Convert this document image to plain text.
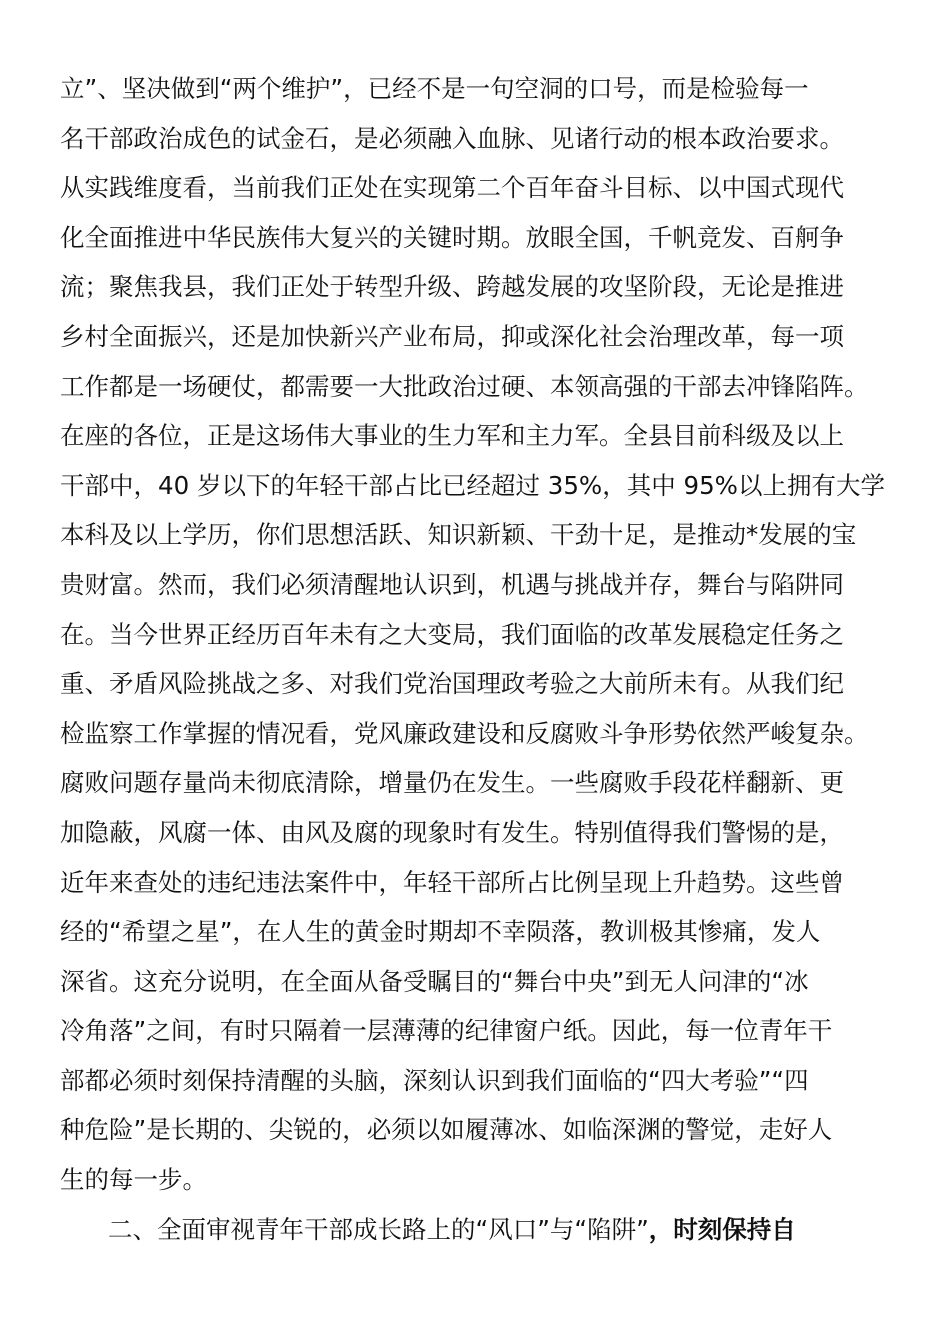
立”、坚决做到“两个维护”，已经不是一句空洞的口号，而是检验每一
名干部政治成色的试金石，是必须融入血脉、见诸行动的根本政治要求。
从实践维度看，当前我们正处在实现第二个百年奋斗目标、以中国式现代
化全面推进中华民族伟大复兴的关键时期。放眼全国，千帆竞发、百舸争
流；聚焦我县，我们正处于转型升级、跨越发展的攻坚阶段，无论是推进
乡村全面振兴，还是加快新兴产业布局，抑或深化社会治理改革，每一项
工作都是一场硬仗，都需要一大批政治过硬、本领高强的干部去冲锋陷阵。
在座的各位，正是这场伟大事业的生力军和主力军。全县目前科级及以上
干部中，40 岁以下的年轻干部占比已经超过 35%，其中 95%以上拥有大学
本科及以上学历，你们思想活跃、知识新颖、干劲十足，是推动*发展的宝
贵财富。然而，我们必须清醒地认识到，机遇与挑战并存，舞台与陷阱同
在。当今世界正经历百年未有之大变局，我们面临的改革发展稳定任务之
重、矛盾风险挑战之多、对我们党治国理政考验之大前所未有。从我们纪
检监察工作掌握的情况看，党风廉政建设和反腐败斗争形势依然严峻复杂。
腐败问题存量尚未彻底清除，增量仍在发生。一些腐败手段花样翻新、更
加隐蔽，风腐一体、由风及腐的现象时有发生。特别值得我们警惕的是，
近年来查处的违纪违法案件中，年轻干部所占比例呈现上升趋势。这些曾
经的“希望之星”，在人生的黄金时期却不幸陨落，教训极其惨痛，发人
深省。这充分说明，在全面从备受瞩目的“舞台中央”到无人问津的“冰
冷角落”之间，有时只隔着一层薄薄的纪律窗户纸。因此，每一位青年干
部都必须时刻保持清醒的头脑，深刻认识到我们面临的“四大考验”“四
种危险”是长期的、尖锐的，必须以如履薄冰、如临深渊的警觉，走好人
生的每一步。
二、全面审视青年干部成长路上的“风口”与“陷阱”，时刻保持自
